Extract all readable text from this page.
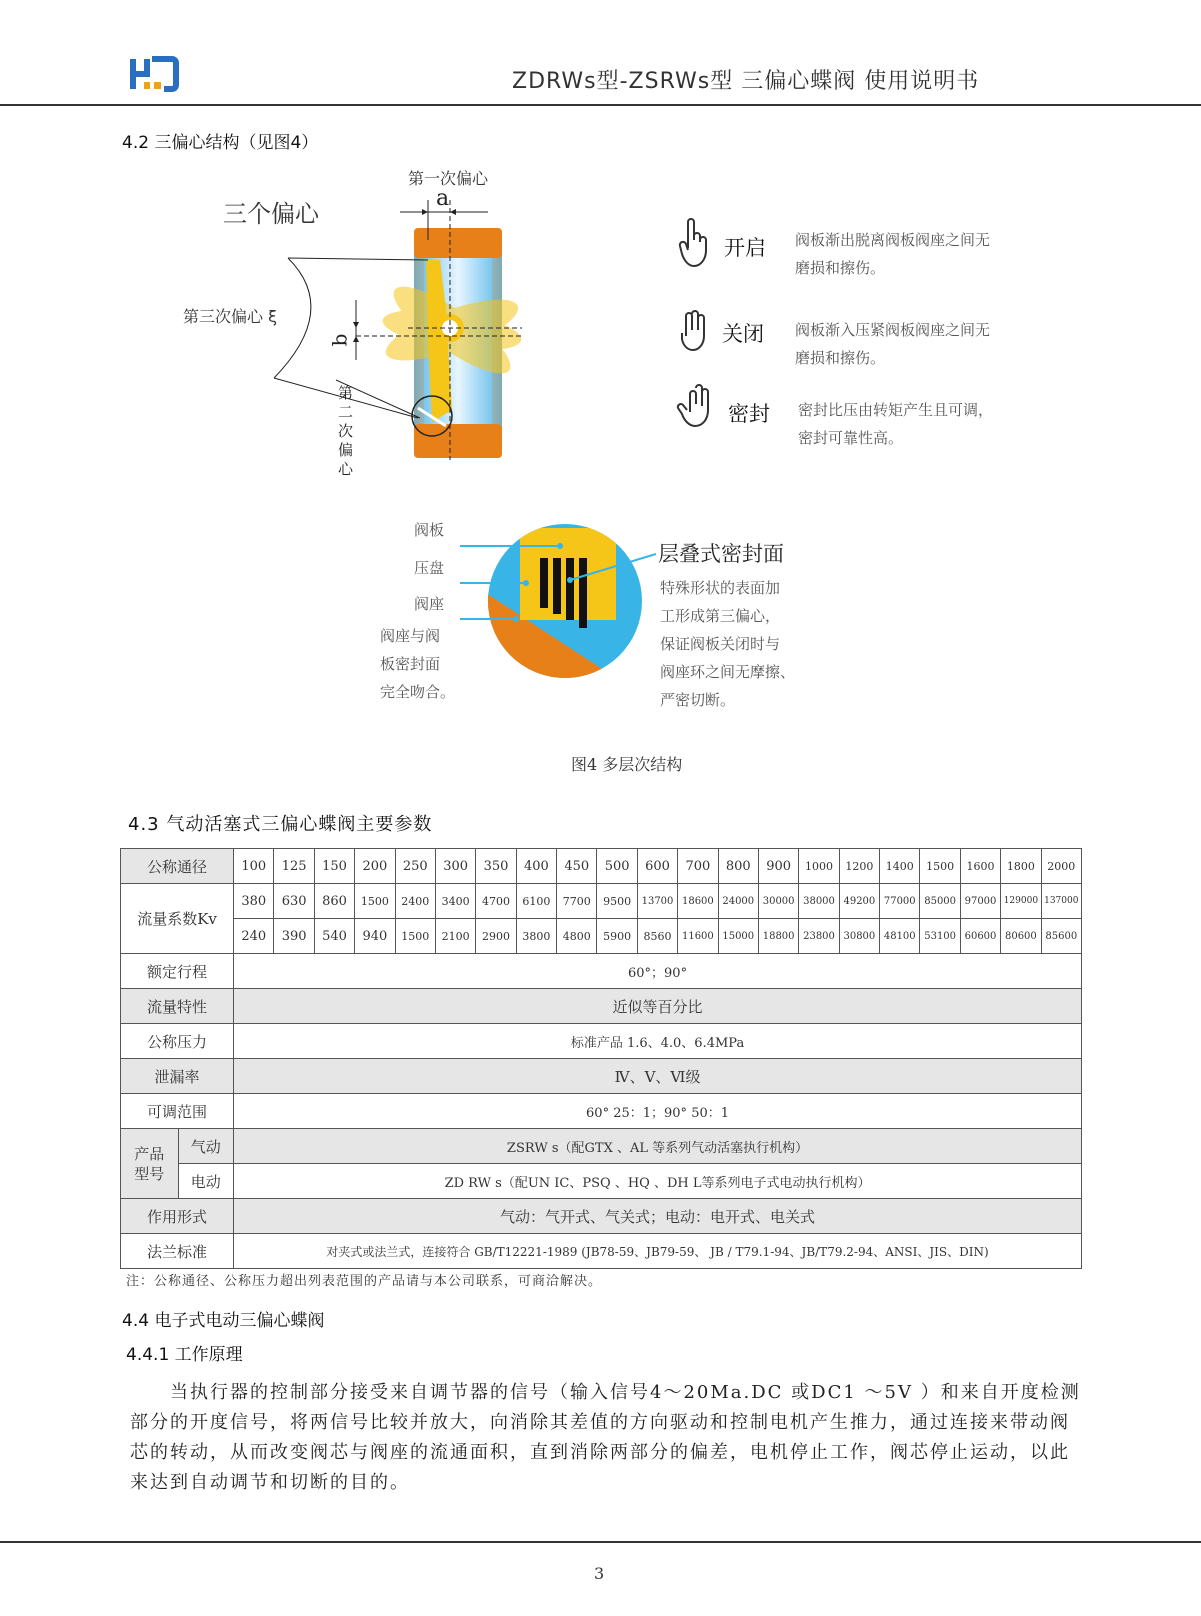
ZDRWs型-ZSRWs型 三偏心蝶阀 使用说明书
4.2 三偏心结构（见图4）
第一次偏心
a
三个偏心
第三次偏心 ξ
b
第
二
次
偏
心
开启 阀板渐出脱离阀板阀座之间无磨损和擦伤。
关闭 阀板渐入压紧阀板阀座之间无磨损和擦伤。
密封 密封比压由转矩产生且可调，密封可靠性高。
阀板
压盘
阀座
阀座与阀
板密封面
完全吻合。
层叠式密封面
特殊形状的表面加
工形成第三偏心，
保证阀板关闭时与
阀座环之间无摩擦、
严密切断。
图4 多层次结构
4.3 气动活塞式三偏心蝶阀主要参数
公称通径		100	125	150	200	250	300	350	400	450	500	600	700	800	900	1000	1200	1400	1500	1600	1800	2000
流量系数Kv		380	630	860	1500	2400	3400	4700	6100	7700	9500	13700	18600	24000	30000	38000	49200	77000	85000	97000	129000	137000
		240	390	540	940	1500	2100	2900	3800	4800	5900	8560	11600	15000	18800	23800	30800	48100	53100	60600	80600	85600
额定行程		60°；90°																				
流量特性		近似等百分比																				
公称压力		标准产品 1.6、4.0、6.4MPa																				
泄漏率		Ⅳ、Ⅴ、Ⅵ级																				
可调范围		60° 25：1；90° 50：1																				
产品型号	气动	ZSRW s（配GTX 、AL 等系列气动活塞执行机构）																				
	电动	ZD RW s（配UN IC、PSQ 、HQ 、DH L等系列电子式电动执行机构）																				
作用形式		气动：气开式、气关式；电动：电开式、电关式																				
法兰标准		对夹式或法兰式，连接符合 GB/T12221-1989 (JB78-59、JB79-59、 JB / T79.1-94、JB/T79.2-94、ANSI、JIS、DIN)																				
注：公称通径、公称压力超出列表范围的产品请与本公司联系，可商洽解决。
4.4 电子式电动三偏心蝶阀
4.4.1 工作原理
当执行器的控制部分接受来自调节器的信号（输入信号4～20Ma.DC 或DC1 ～5V ）和来自开度检测部分的开度信号，将两信号比较并放大，向消除其差值的方向驱动和控制电机产生推力，通过连接来带动阀芯的转动，从而改变阀芯与阀座的流通面积，直到消除两部分的偏差，电机停止工作，阀芯停止运动，以此来达到自动调节和切断的目的。
3
